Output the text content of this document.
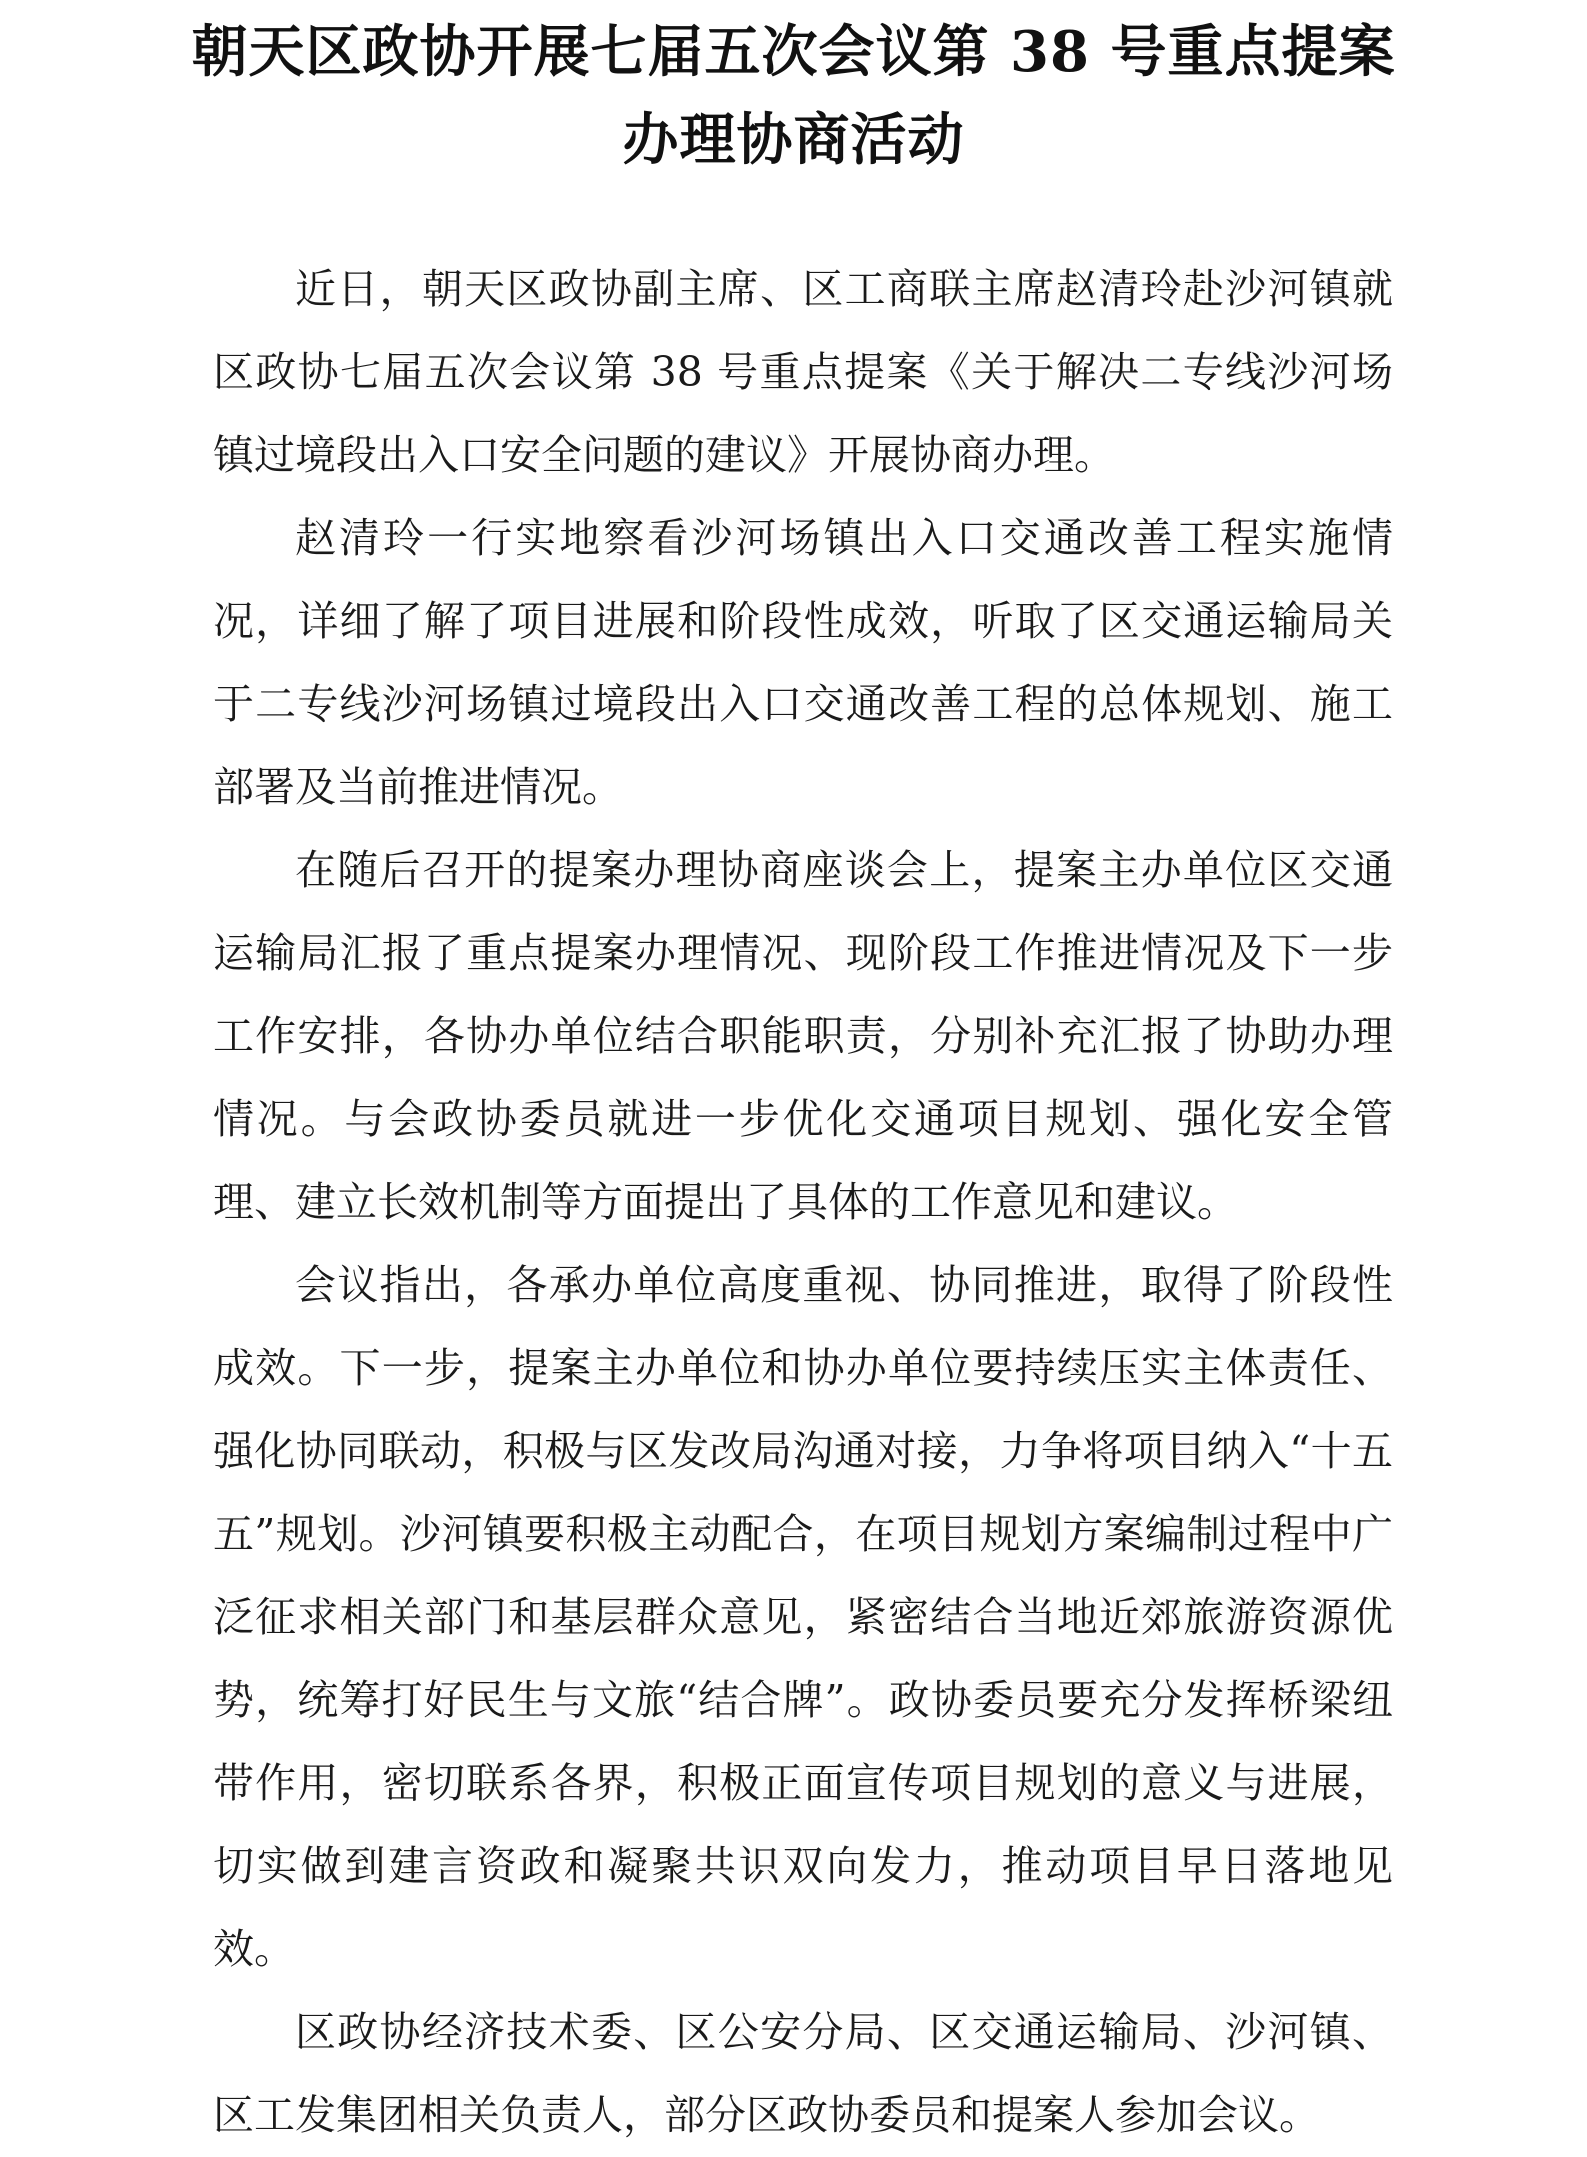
朝天区政协开展七届五次会议第 38 号重点提案
办理协商活动

近日，朝天区政协副主席、区工商联主席赵清玲赴沙河镇就区政协七届五次会议第 38 号重点提案《关于解决二专线沙河场镇过境段出入口安全问题的建议》开展协商办理。

赵清玲一行实地察看沙河场镇出入口交通改善工程实施情况，详细了解了项目进展和阶段性成效，听取了区交通运输局关于二专线沙河场镇过境段出入口交通改善工程的总体规划、施工部署及当前推进情况。

在随后召开的提案办理协商座谈会上，提案主办单位区交通运输局汇报了重点提案办理情况、现阶段工作推进情况及下一步工作安排，各协办单位结合职能职责，分别补充汇报了协助办理情况。与会政协委员就进一步优化交通项目规划、强化安全管理、建立长效机制等方面提出了具体的工作意见和建议。

会议指出，各承办单位高度重视、协同推进，取得了阶段性成效。下一步，提案主办单位和协办单位要持续压实主体责任、强化协同联动，积极与区发改局沟通对接，力争将项目纳入“十五五”规划。沙河镇要积极主动配合，在项目规划方案编制过程中广泛征求相关部门和基层群众意见，紧密结合当地近郊旅游资源优势，统筹打好民生与文旅“结合牌”。政协委员要充分发挥桥梁纽带作用，密切联系各界，积极正面宣传项目规划的意义与进展，切实做到建言资政和凝聚共识双向发力，推动项目早日落地见效。

区政协经济技术委、区公安分局、区交通运输局、沙河镇、区工发集团相关负责人，部分区政协委员和提案人参加会议。
